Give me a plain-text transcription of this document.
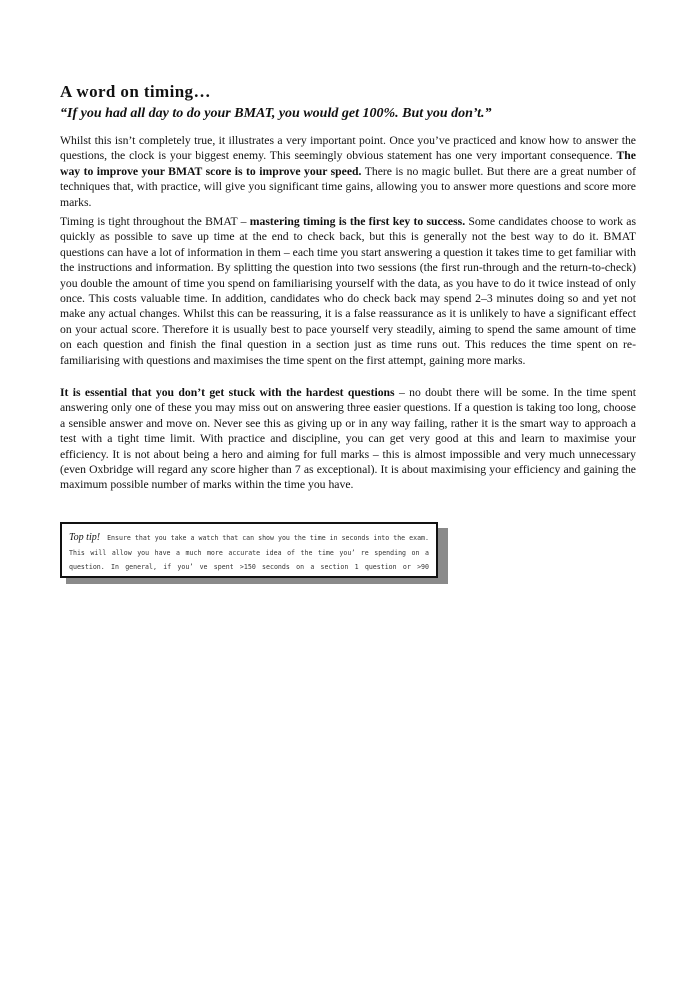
A word on timing…

“If you had all day to do your BMAT, you would get 100%. But you don’t.”

Whilst this isn’t completely true, it illustrates a very important point. Once you’ve practiced and know how to answer the questions, the clock is your biggest enemy. This seemingly obvious statement has one very important consequence. The way to improve your BMAT score is to improve your speed. There is no magic bullet. But there are a great number of techniques that, with practice, will give you significant time gains, allowing you to answer more questions and score more marks.

Timing is tight throughout the BMAT – mastering timing is the first key to success. Some candidates choose to work as quickly as possible to save up time at the end to check back, but this is generally not the best way to do it. BMAT questions can have a lot of information in them – each time you start answering a question it takes time to get familiar with the instructions and information. By splitting the question into two sessions (the first run-through and the return-to-check) you double the amount of time you spend on familiarising yourself with the data, as you have to do it twice instead of only once. This costs valuable time. In addition, candidates who do check back may spend 2–3 minutes doing so and yet not make any actual changes. Whilst this can be reassuring, it is a false reassurance as it is unlikely to have a significant effect on your actual score. Therefore it is usually best to pace yourself very steadily, aiming to spend the same amount of time on each question and finish the final question in a section just as time runs out. This reduces the time spent on re-familiarising with questions and maximises the time spent on the first attempt, gaining more marks.

It is essential that you don’t get stuck with the hardest questions – no doubt there will be some. In the time spent answering only one of these you may miss out on answering three easier questions. If a question is taking too long, choose a sensible answer and move on. Never see this as giving up or in any way failing, rather it is the smart way to approach a test with a tight time limit. With practice and discipline, you can get very good at this and learn to maximise your efficiency. It is not about being a hero and aiming for full marks – this is almost impossible and very much unnecessary (even Oxbridge will regard any score higher than 7 as exceptional). It is about maximising your efficiency and gaining the maximum possible number of marks within the time you have.

Top tip! Ensure that you take a watch that can show you the time in seconds into the exam. This will allow you have a much more accurate idea of the time you’ re spending on a question. In general, if you’ ve spent >150 seconds on a section 1 question or >90
